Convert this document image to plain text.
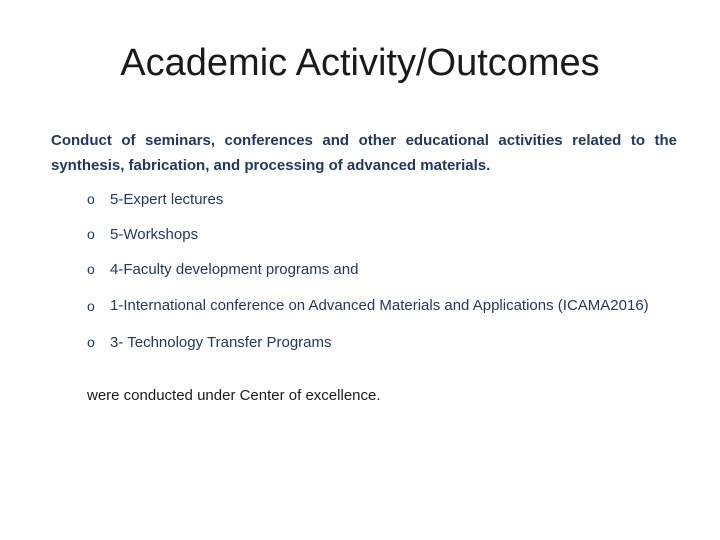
Academic Activity/Outcomes
Conduct of seminars, conferences and other educational activities related to the synthesis, fabrication, and processing of advanced materials.
o 5-Expert lectures
o 5-Workshops
o 4-Faculty development programs and
o 1-International conference on Advanced Materials and Applications (ICAMA2016)
o 3- Technology Transfer Programs
were conducted under Center of excellence.
